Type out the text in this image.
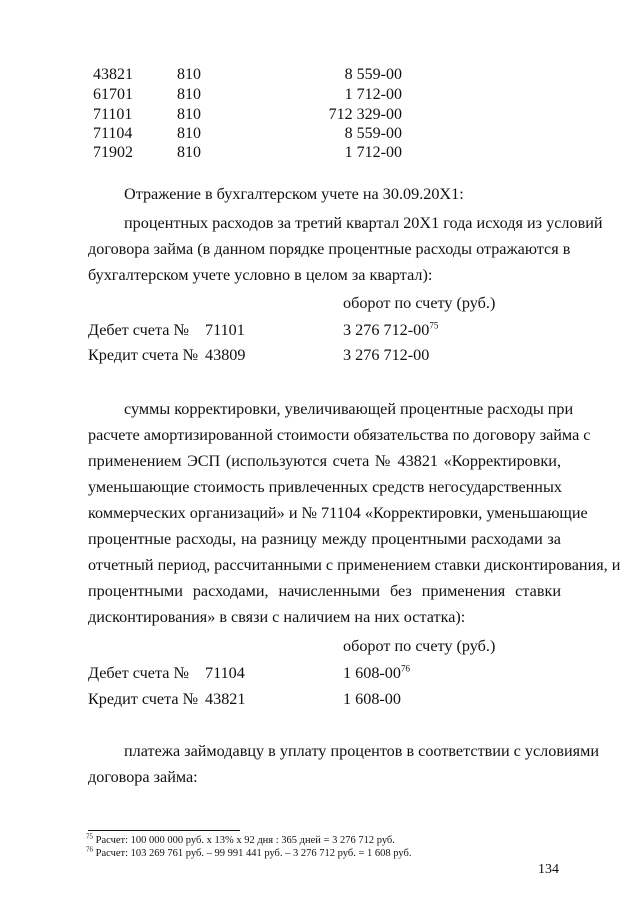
43821	810	8 559-00
61701	810	1 712-00
71101	810	712 329-00
71104	810	8 559-00
71902	810	1 712-00
Отражение в бухгалтерском учете на 30.09.20Х1:
процентных расходов за третий квартал 20Х1 года исходя из условий
договора займа (в данном порядке процентные расходы отражаются в
бухгалтерском учете условно в целом за квартал):
оборот по счету (руб.)
Дебет счета № 71101	3 276 $712-00^{75}$
Кредит счета № 43809	3 276 712-00
суммы корректировки, увеличивающей процентные расходы при
расчете амортизированной стоимости обязательства по договору займа с
применением ЭСП (используются счета № 43821 «Корректировки,
уменьшающие стоимость привлеченных средств негосударственных
коммерческих организаций» и № 71104 «Корректировки, уменьшающие
процентные расходы, на разницу между процентными расходами за
отчетный период, рассчитанными с применением ставки дисконтирования, и
процентными расходами, начисленными без применения ставки
дисконтирования» в связи с наличием на них остатка):
оборот по счету (руб.)
Дебет счета № 71104	1 $608-00^{76}$
Кредит счета № 43821	1 608-00
платежа займодавцу в уплату процентов в соответствии с условиями
договора займа:
$^{75}$ Расчет: 100 000 000 руб. х 13% х 92 дня : 365 дней = 3 276 712 руб.
$^{76}$ Расчет: 103 269 761 руб. – 99 991 441 руб. – 3 276 712 руб. = 1 608 руб.
134
